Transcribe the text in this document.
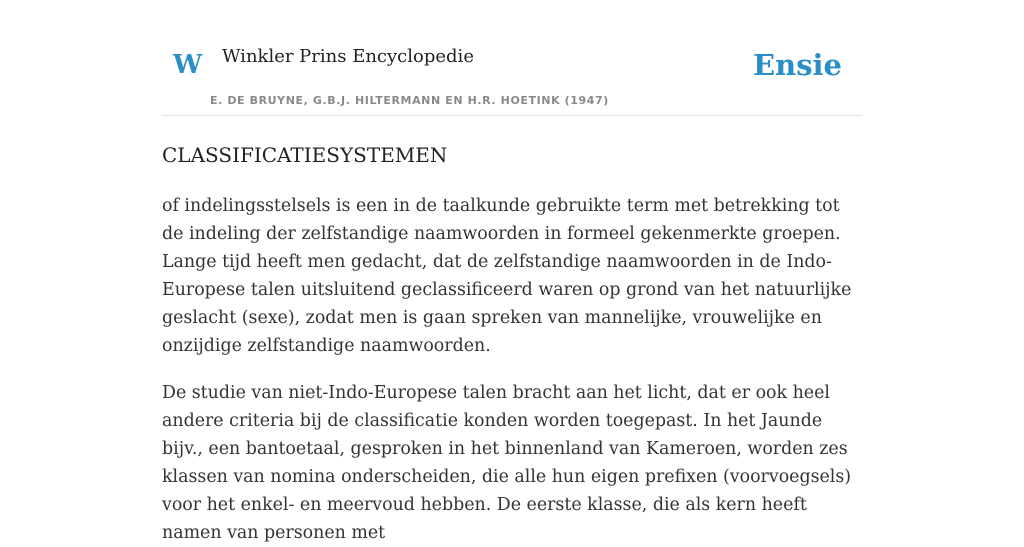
W Winkler Prins Encyclopedie
E. DE BRUYNE, G.B.J. HILTERMANN EN H.R. HOETINK (1947)
Ensie
CLASSIFICATIESYSTEMEN

of indelingsstelsels is een in de taalkunde gebruikte term met betrekking tot de indeling der zelfstandige naamwoorden in formeel gekenmerkte groepen. Lange tijd heeft men gedacht, dat de zelfstandige naamwoorden in de Indo-Europese talen uitsluitend geclassificeerd waren op grond van het natuurlijke geslacht (sexe), zodat men is gaan spreken van mannelijke, vrouwelijke en onzijdige zelfstandige naamwoorden.

De studie van niet-Indo-Europese talen bracht aan het licht, dat er ook heel andere criteria bij de classificatie konden worden toegepast. In het Jaunde bijv., een bantoetaal, gesproken in het binnenland van Kameroen, worden zes klassen van nomina onderscheiden, die alle hun eigen prefixen (voorvoegsels) voor het enkel- en meervoud hebben. De eerste klasse, die als kern heeft namen van personen met
